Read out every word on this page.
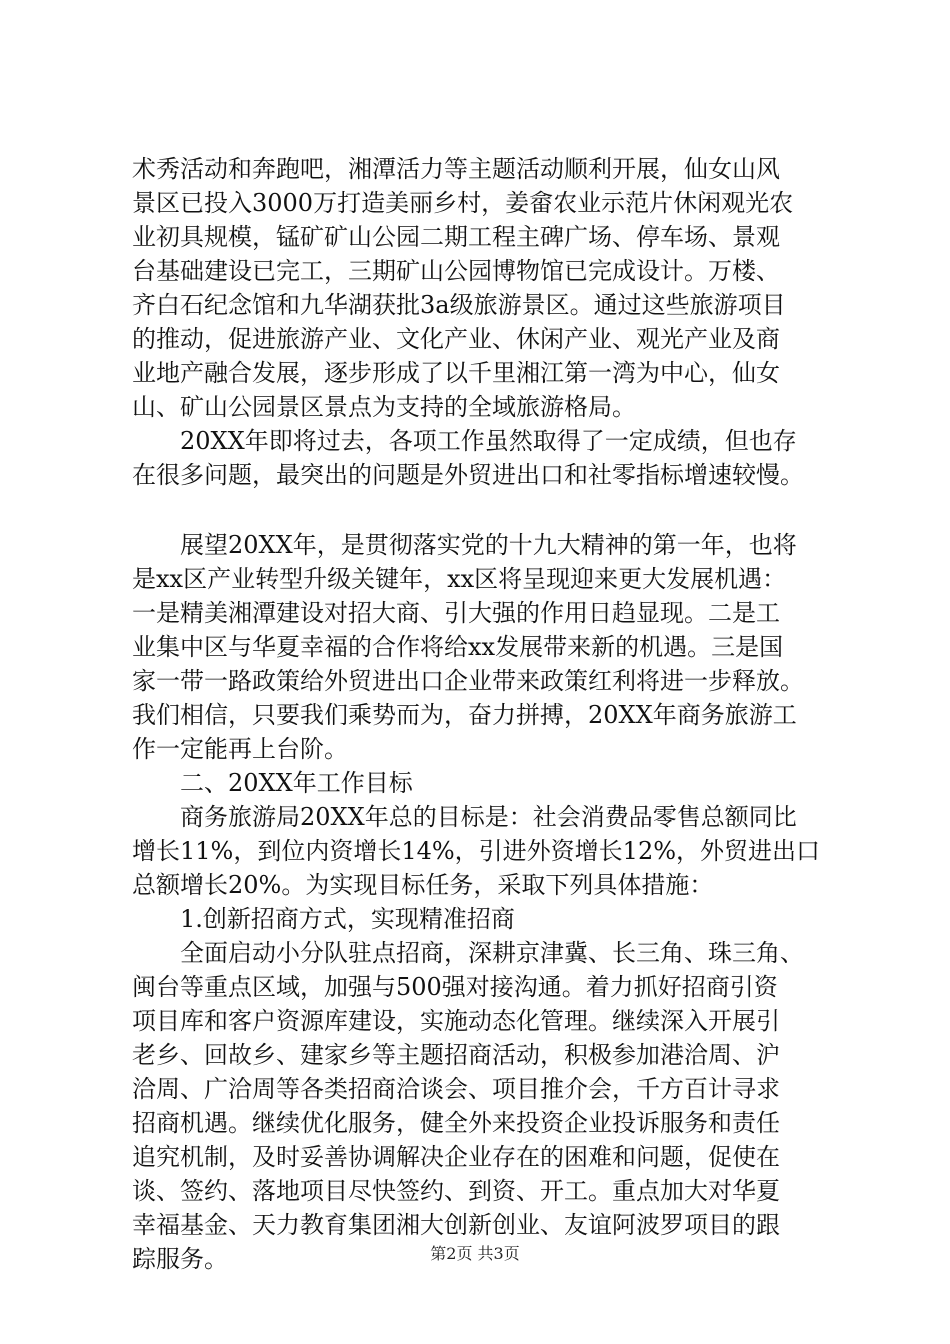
术秀活动和奔跑吧，湘潭活力等主题活动顺利开展，仙女山风
景区已投入3000万打造美丽乡村，姜畲农业示范片休闲观光农
业初具规模，锰矿矿山公园二期工程主碑广场、停车场、景观
台基础建设已完工，三期矿山公园博物馆已完成设计。万楼、
齐白石纪念馆和九华湖获批3a级旅游景区。通过这些旅游项目
的推动，促进旅游产业、文化产业、休闲产业、观光产业及商
业地产融合发展，逐步形成了以千里湘江第一湾为中心，仙女
山、矿山公园景区景点为支持的全域旅游格局。
　　20XX年即将过去，各项工作虽然取得了一定成绩，但也存
在很多问题，最突出的问题是外贸进出口和社零指标增速较慢。
　　展望20XX年，是贯彻落实党的十九大精神的第一年，也将
是xx区产业转型升级关键年，xx区将呈现迎来更大发展机遇：
一是精美湘潭建设对招大商、引大强的作用日趋显现。二是工
业集中区与华夏幸福的合作将给xx发展带来新的机遇。三是国
家一带一路政策给外贸进出口企业带来政策红利将进一步释放。
我们相信，只要我们乘势而为，奋力拼搏，20XX年商务旅游工
作一定能再上台阶。
　　二、20XX年工作目标
　　商务旅游局20XX年总的目标是：社会消费品零售总额同比
增长11%，到位内资增长14%，引进外资增长12%，外贸进出口
总额增长20%。为实现目标任务，采取下列具体措施：
　　1.创新招商方式，实现精准招商
　　全面启动小分队驻点招商，深耕京津冀、长三角、珠三角、
闽台等重点区域，加强与500强对接沟通。着力抓好招商引资
项目库和客户资源库建设，实施动态化管理。继续深入开展引
老乡、回故乡、建家乡等主题招商活动，积极参加港洽周、沪
洽周、广洽周等各类招商洽谈会、项目推介会，千方百计寻求
招商机遇。继续优化服务，健全外来投资企业投诉服务和责任
追究机制，及时妥善协调解决企业存在的困难和问题，促使在
谈、签约、落地项目尽快签约、到资、开工。重点加大对华夏
幸福基金、天力教育集团湘大创新创业、友谊阿波罗项目的跟
踪服务。	第2页 共3页
